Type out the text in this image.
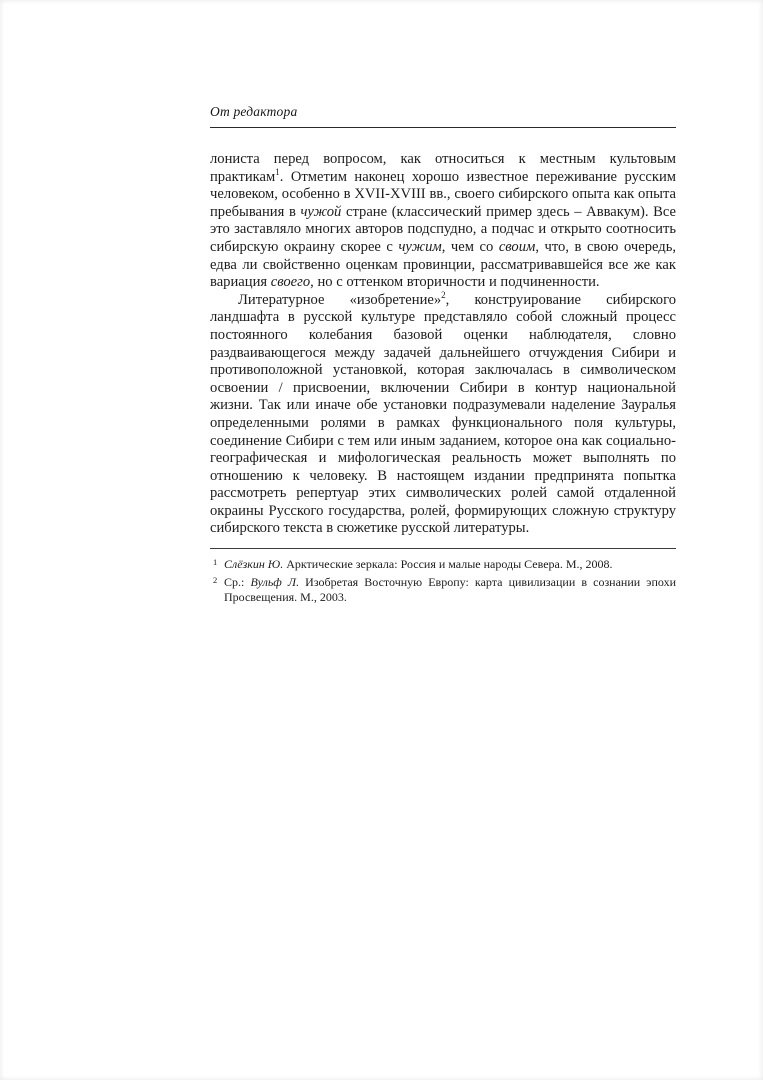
От редактора

лониста перед вопросом, как относиться к местным культовым практикам$^1$. Отметим наконец хорошо известное переживание русским человеком, особенно в XVII-XVIII вв., своего сибирского опыта как опыта пребывания в чужой стране (классический пример здесь – Аввакум). Все это заставляло многих авторов подспудно, а подчас и открыто соотносить сибирскую окраину скорее с чужим, чем со своим, что, в свою очередь, едва ли свойственно оценкам провинции, рассматривавшейся все же как вариация своего, но с оттенком вторичности и подчиненности.

Литературное «изобретение»$^2$, конструирование сибирского ландшафта в русской культуре представляло собой сложный процесс постоянного колебания базовой оценки наблюдателя, словно раздваивающегося между задачей дальнейшего отчуждения Сибири и противоположной установкой, которая заключалась в символическом освоении / присвоении, включении Сибири в контур национальной жизни. Так или иначе обе установки подразумевали наделение Зауралья определенными ролями в рамках функционального поля культуры, соединение Сибири с тем или иным заданием, которое она как социально-географическая и мифологическая реальность может выполнять по отношению к человеку. В настоящем издании предпринята попытка рассмотреть репертуар этих символических ролей самой отдаленной окраины Русского государства, ролей, формирующих сложную структуру сибирского текста в сюжетике русской литературы.

1 Слёзкин Ю. Арктические зеркала: Россия и малые народы Севера. М., 2008.
2 Ср.: Вульф Л. Изобретая Восточную Европу: карта цивилизации в сознании эпохи Просвещения. М., 2003.
